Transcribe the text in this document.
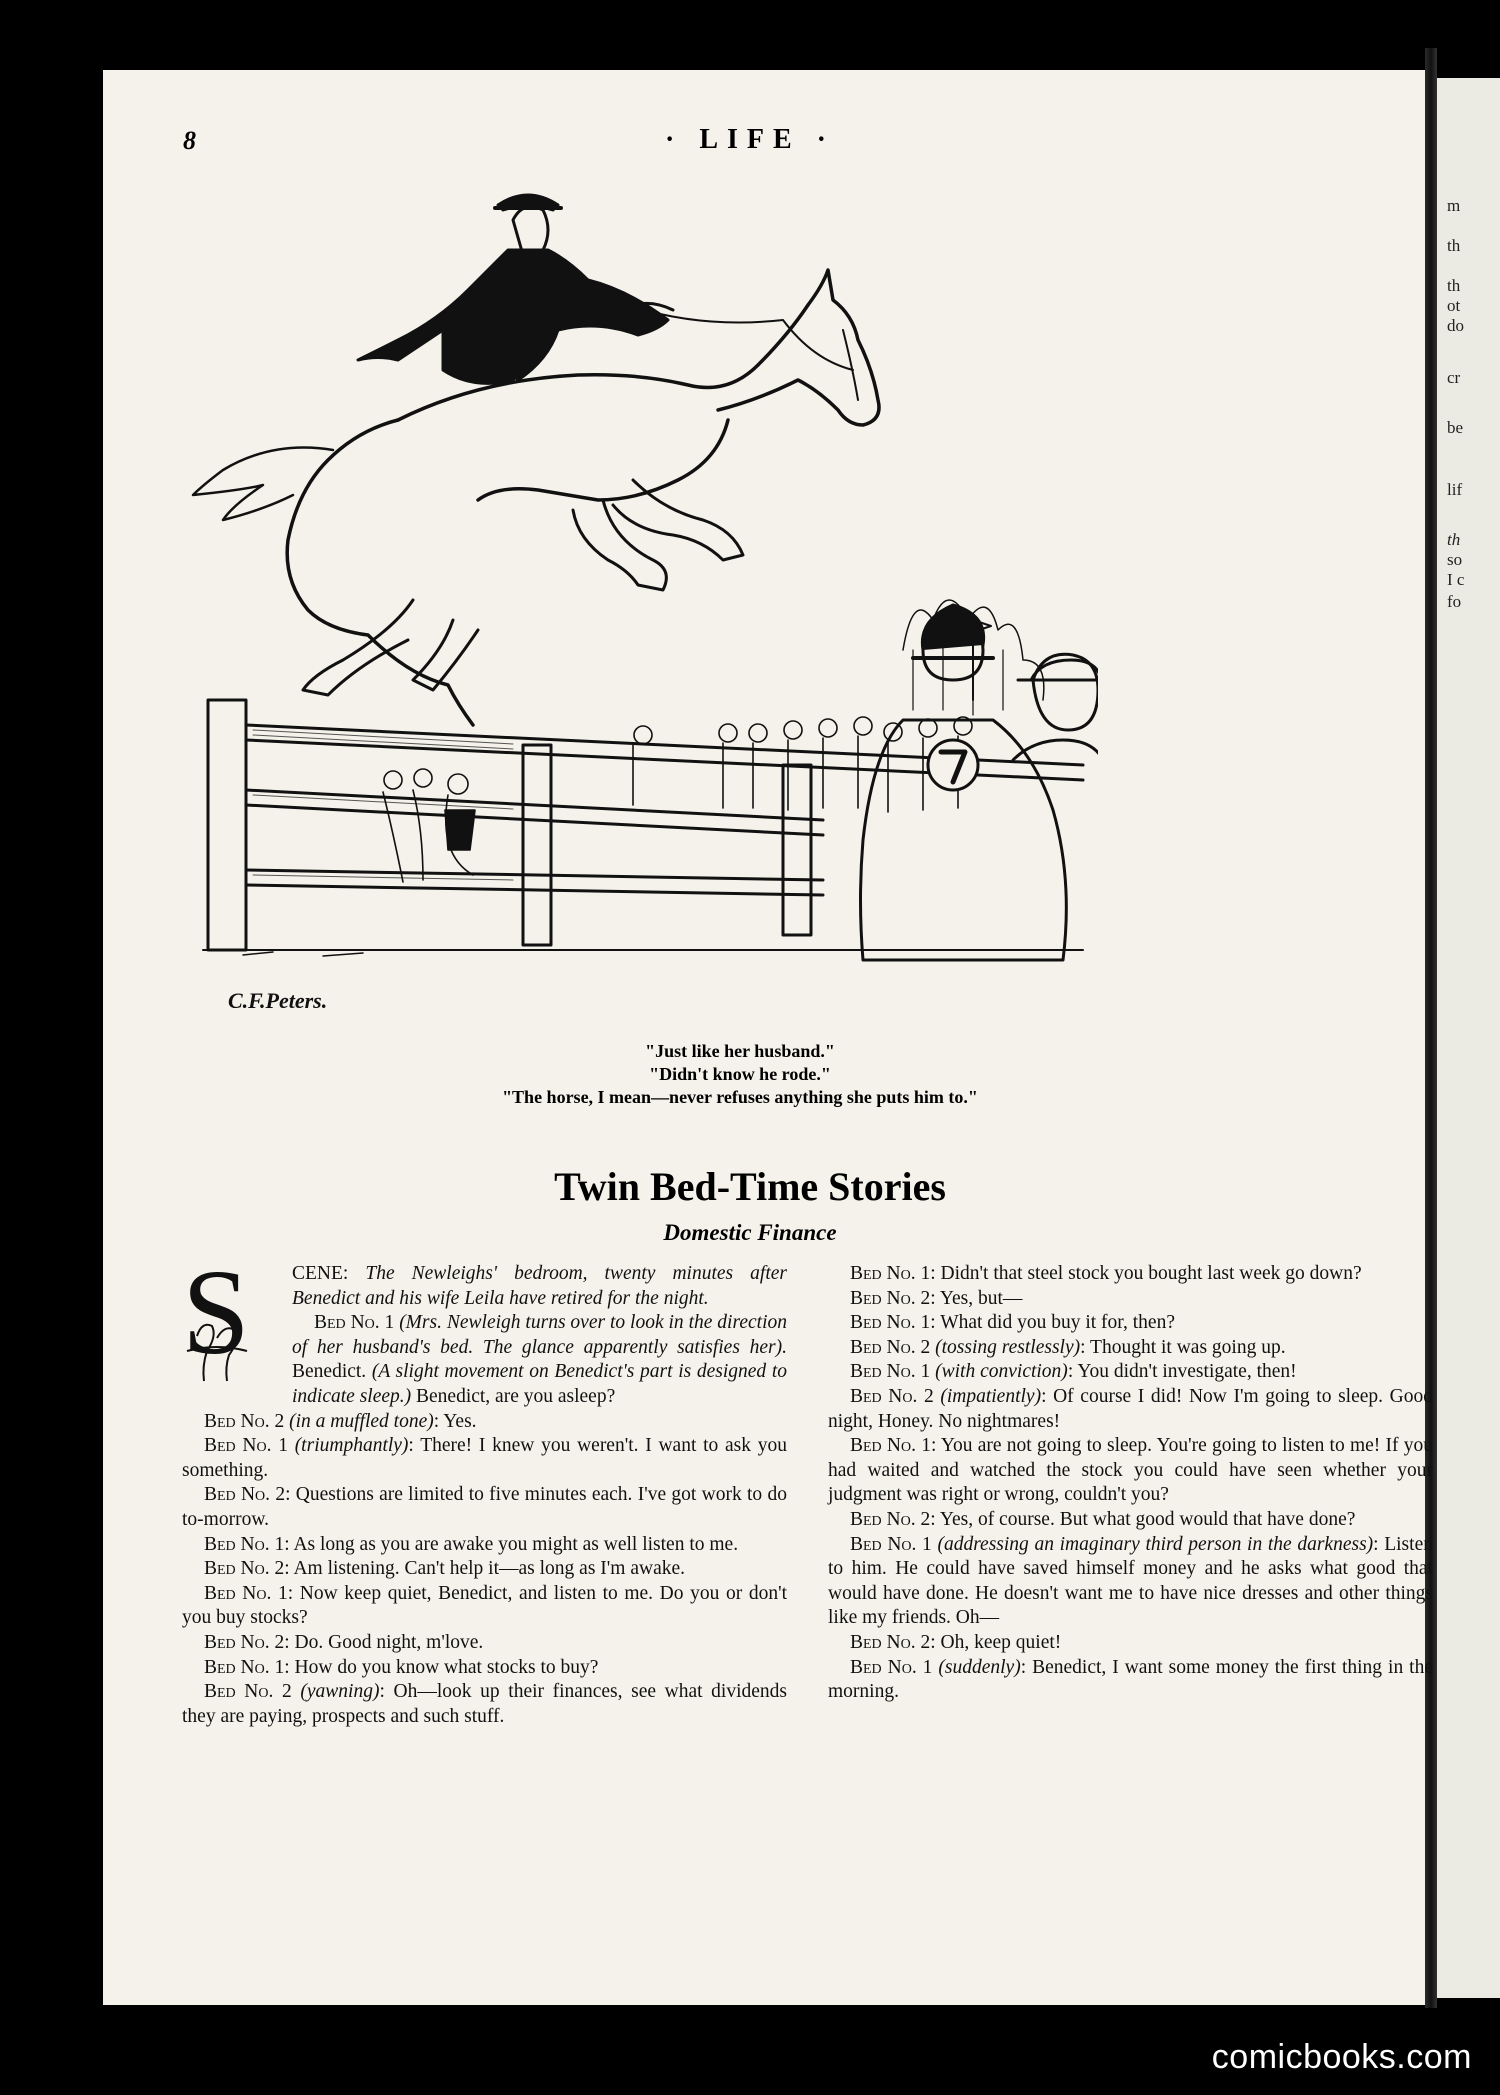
m
th
th
ot
do
cr
be
lif
th
so
I c
fo
8	· LIFE ·
C.F.Peters.
11
"Just like her husband."
"Didn't know he rode."
"The horse, I mean—never refuses anything she puts him to."
Twin Bed-Time Stories
Domestic Finance
S	CENE: The Newleighs' bedroom, twenty minutes after Benedict and his wife Leila have retired for the night.

Bed No. 1 (Mrs. Newleigh turns over to look in the direction of her husband's bed. The glance apparently satisfies her). Benedict. (A slight movement on Benedict's part is designed to indicate sleep.) Benedict, are you asleep?

Bed No. 2 (in a muffled tone): Yes.

Bed No. 1 (triumphantly): There! I knew you weren't. I want to ask you something.

Bed No. 2: Questions are limited to five minutes each. I've got work to do to-morrow.

Bed No. 1: As long as you are awake you might as well listen to me.

Bed No. 2: Am listening. Can't help it—as long as I'm awake.

Bed No. 1: Now keep quiet, Benedict, and listen to me. Do you or don't you buy stocks?

Bed No. 2: Do. Good night, m'love.

Bed No. 1: How do you know what stocks to buy?

Bed No. 2 (yawning): Oh—look up their finances, see what dividends they are paying, prospects and such stuff.

Bed No. 1: Didn't that steel stock you bought last week go down?

Bed No. 2: Yes, but—

Bed No. 1: What did you buy it for, then?

Bed No. 2 (tossing restlessly): Thought it was going up.

Bed No. 1 (with conviction): You didn't investigate, then!

Bed No. 2 (impatiently): Of course I did! Now I'm going to sleep. Good night, Honey. No nightmares!

Bed No. 1: You are not going to sleep. You're going to listen to me! If you had waited and watched the stock you could have seen whether your judgment was right or wrong, couldn't you?

Bed No. 2: Yes, of course. But what good would that have done?

Bed No. 1 (addressing an imaginary third person in the darkness): Listen to him. He could have saved himself money and he asks what good that would have done. He doesn't want me to have nice dresses and other things like my friends. Oh—

Bed No. 2: Oh, keep quiet!

Bed No. 1 (suddenly): Benedict, I want some money the first thing in the morning.

comicbooks.com
